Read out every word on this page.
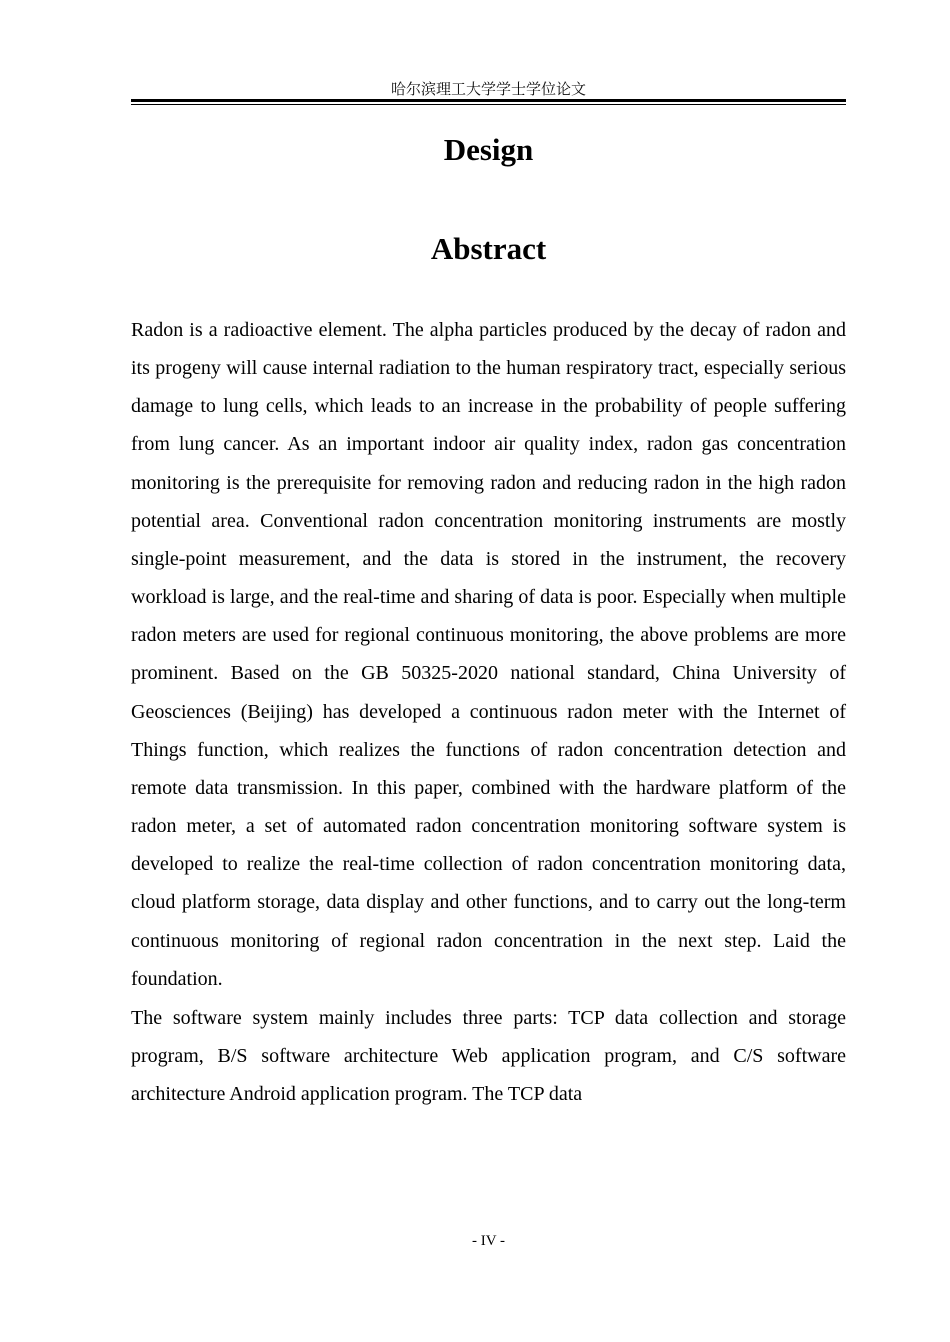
哈尔滨理工大学学士学位论文
Design
Abstract

Radon is a radioactive element. The alpha particles produced by the decay of radon and its progeny will cause internal radiation to the human respiratory tract, especially serious damage to lung cells, which leads to an increase in the probability of people suffering from lung cancer. As an important indoor air quality index, radon gas concentration monitoring is the prerequisite for removing radon and reducing radon in the high radon potential area. Conventional radon concentration monitoring instruments are mostly single-point measurement, and the data is stored in the instrument, the recovery workload is large, and the real-time and sharing of data is poor. Especially when multiple radon meters are used for regional continuous monitoring, the above problems are more prominent. Based on the GB 50325-2020 national standard, China University of Geosciences (Beijing) has developed a continuous radon meter with the Internet of Things function, which realizes the functions of radon concentration detection and remote data transmission. In this paper, combined with the hardware platform of the radon meter, a set of automated radon concentration monitoring software system is developed to realize the real-time collection of radon concentration monitoring data, cloud platform storage, data display and other functions, and to carry out the long-term continuous monitoring of regional radon concentration in the next step. Laid the foundation.

The software system mainly includes three parts: TCP data collection and storage program, B/S software architecture Web application program, and C/S software architecture Android application program. The TCP data

- IV -
